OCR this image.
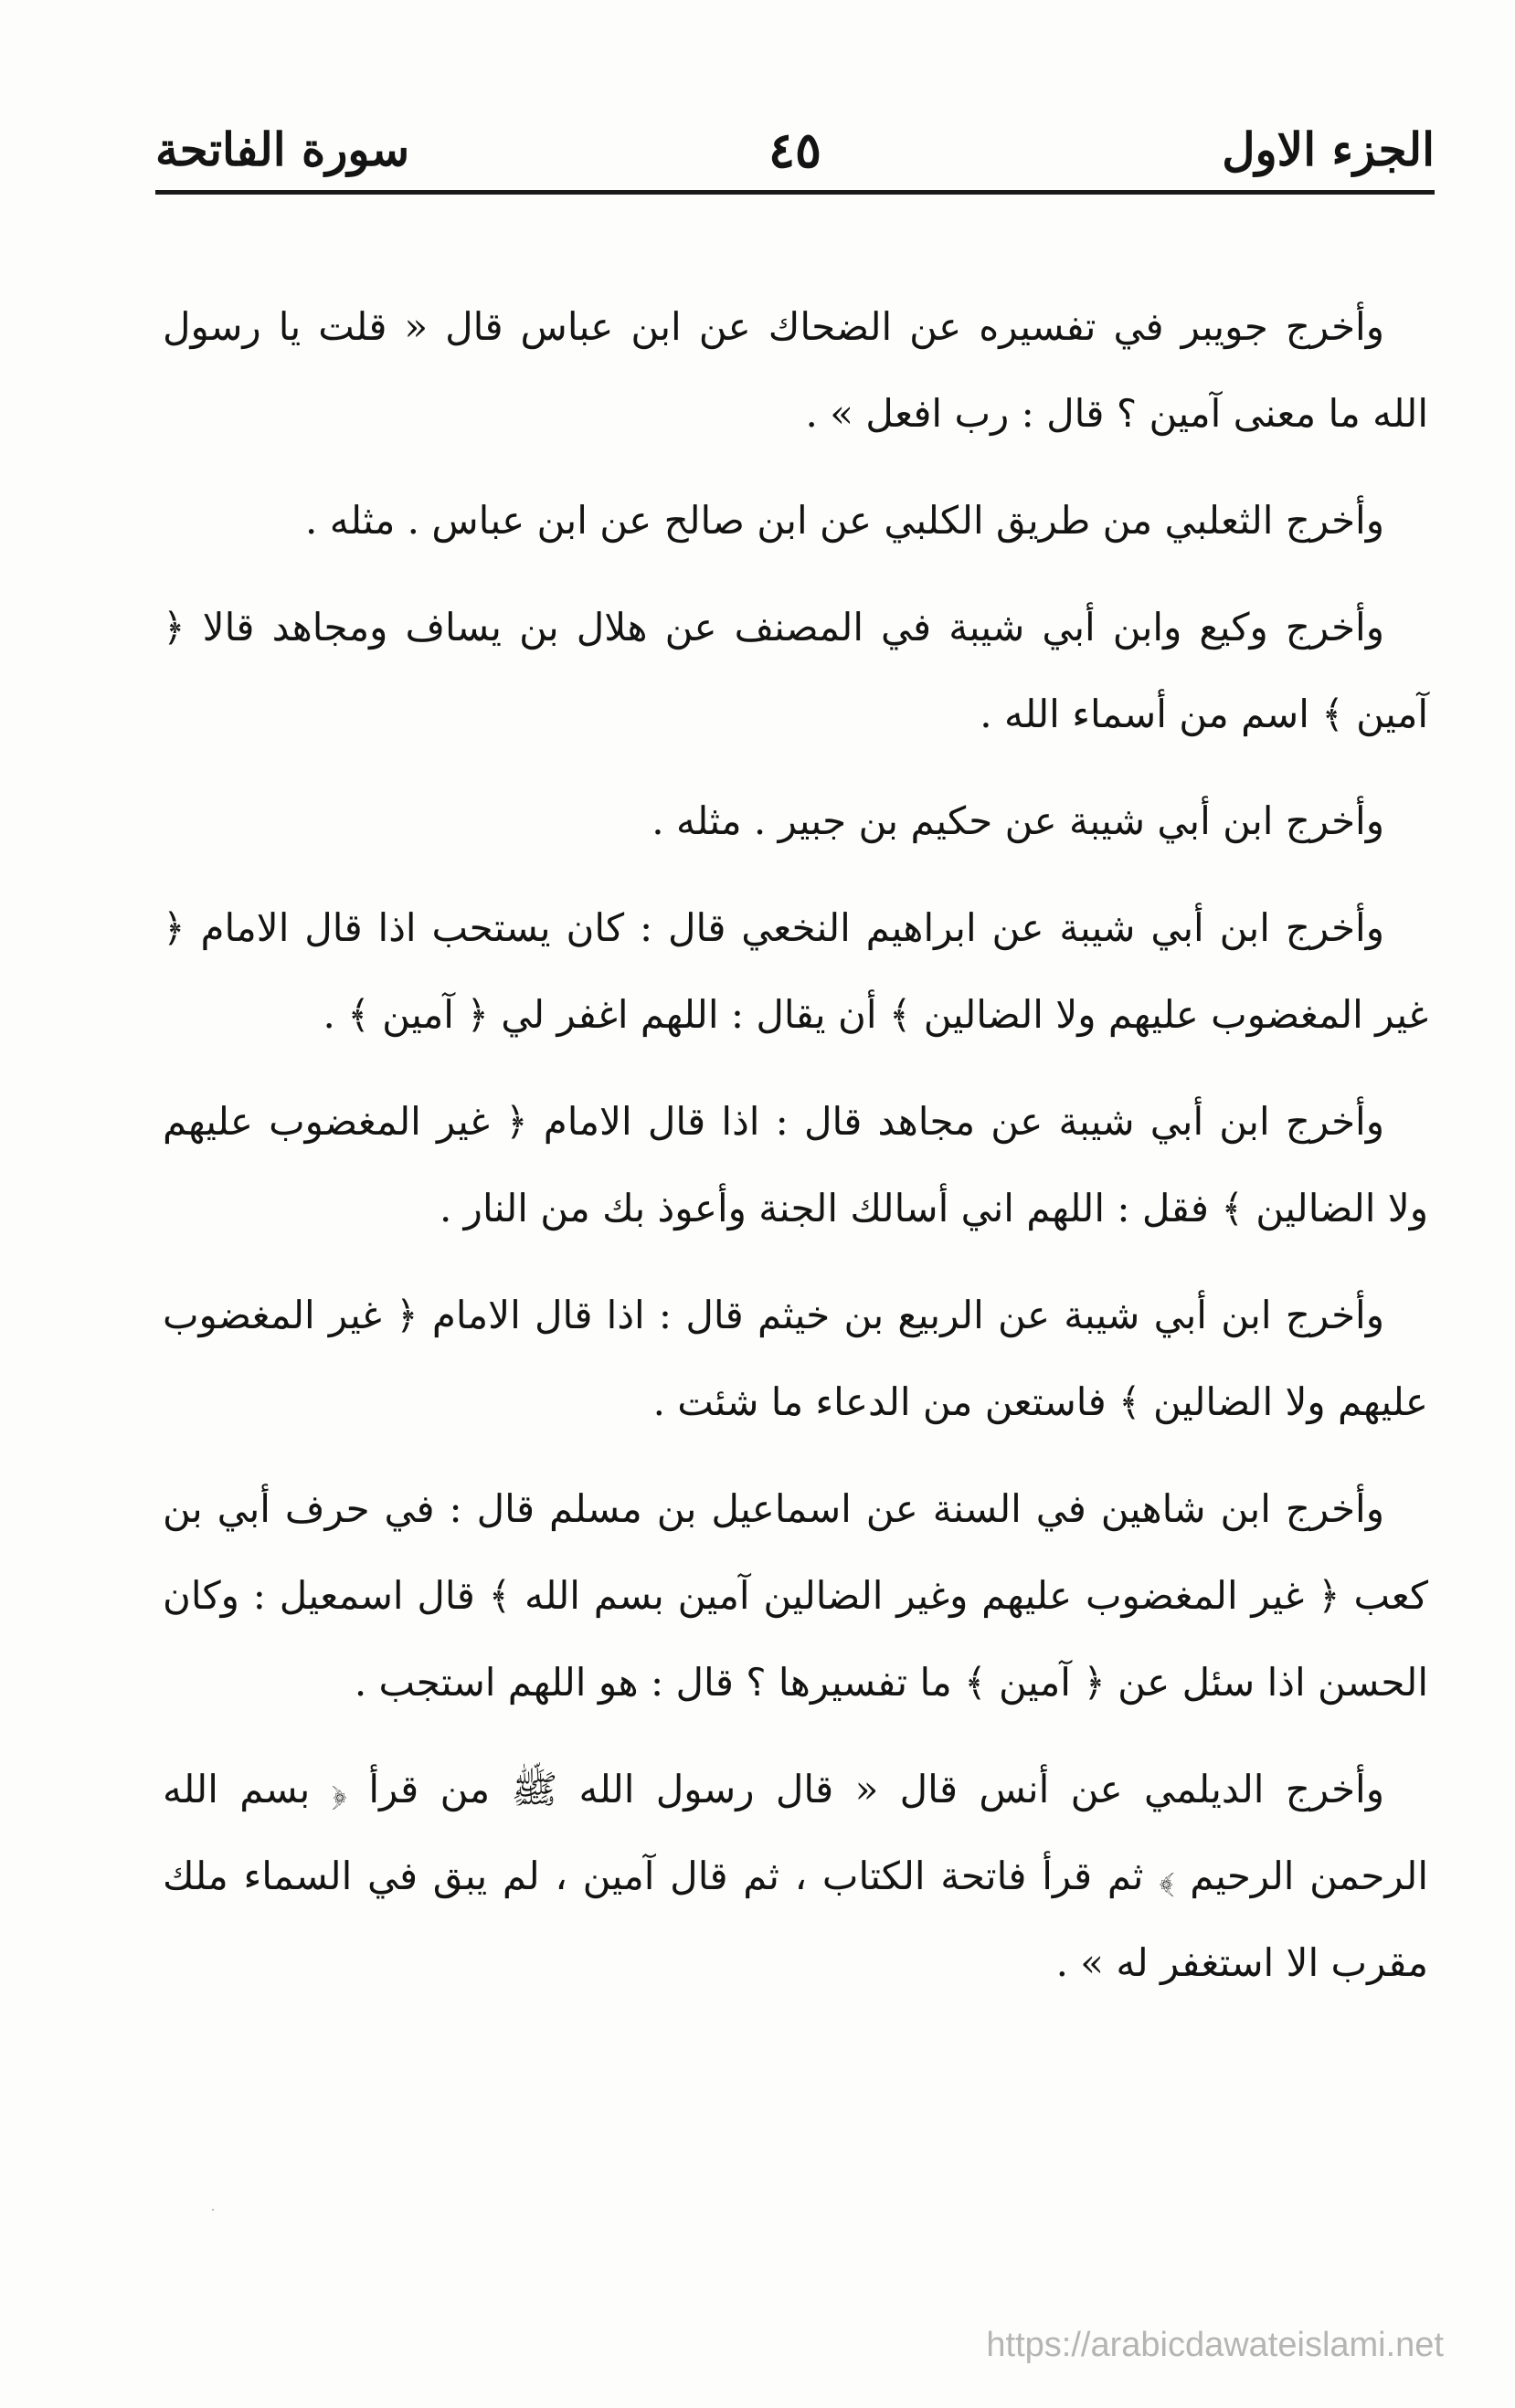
الجزء الاول
٤٥
سورة الفاتحة

وأخرج جويبر في تفسيره عن الضحاك عن ابن عباس قال « قلت يا رسول الله ما معنى آمين ؟ قال : رب افعل » .

وأخرج الثعلبي من طريق الكلبي عن ابن صالح عن ابن عباس . مثله .

وأخرج وكيع وابن أبي شيبة في المصنف عن هلال بن يساف ومجاهد قالا ﴿ آمين ﴾ اسم من أسماء الله .

وأخرج ابن أبي شيبة عن حكيم بن جبير . مثله .

وأخرج ابن أبي شيبة عن ابراهيم النخعي قال : كان يستحب اذا قال الامام ﴿ غير المغضوب عليهم ولا الضالين ﴾ أن يقال : اللهم اغفر لي ﴿ آمين ﴾ .

وأخرج ابن أبي شيبة عن مجاهد قال : اذا قال الامام ﴿ غير المغضوب عليهم ولا الضالين ﴾ فقل : اللهم اني أسالك الجنة وأعوذ بك من النار .

وأخرج ابن أبي شيبة عن الربيع بن خيثم قال : اذا قال الامام ﴿ غير المغضوب عليهم ولا الضالين ﴾ فاستعن من الدعاء ما شئت .

وأخرج ابن شاهين في السنة عن اسماعيل بن مسلم قال : في حرف أبي بن كعب ﴿ غير المغضوب عليهم وغير الضالين آمين بسم الله ﴾ قال اسمعيل : وكان الحسن اذا سئل عن ﴿ آمين ﴾ ما تفسيرها ؟ قال : هو اللهم استجب .

وأخرج الديلمي عن أنس قال « قال رسول الله ﷺ من قرأ ﴿ بسم الله الرحمن الرحيم ﴾ ثم قرأ فاتحة الكتاب ، ثم قال آمين ، لم يبق في السماء ملك مقرب الا استغفر له » .

https://arabicdawateislami.net
